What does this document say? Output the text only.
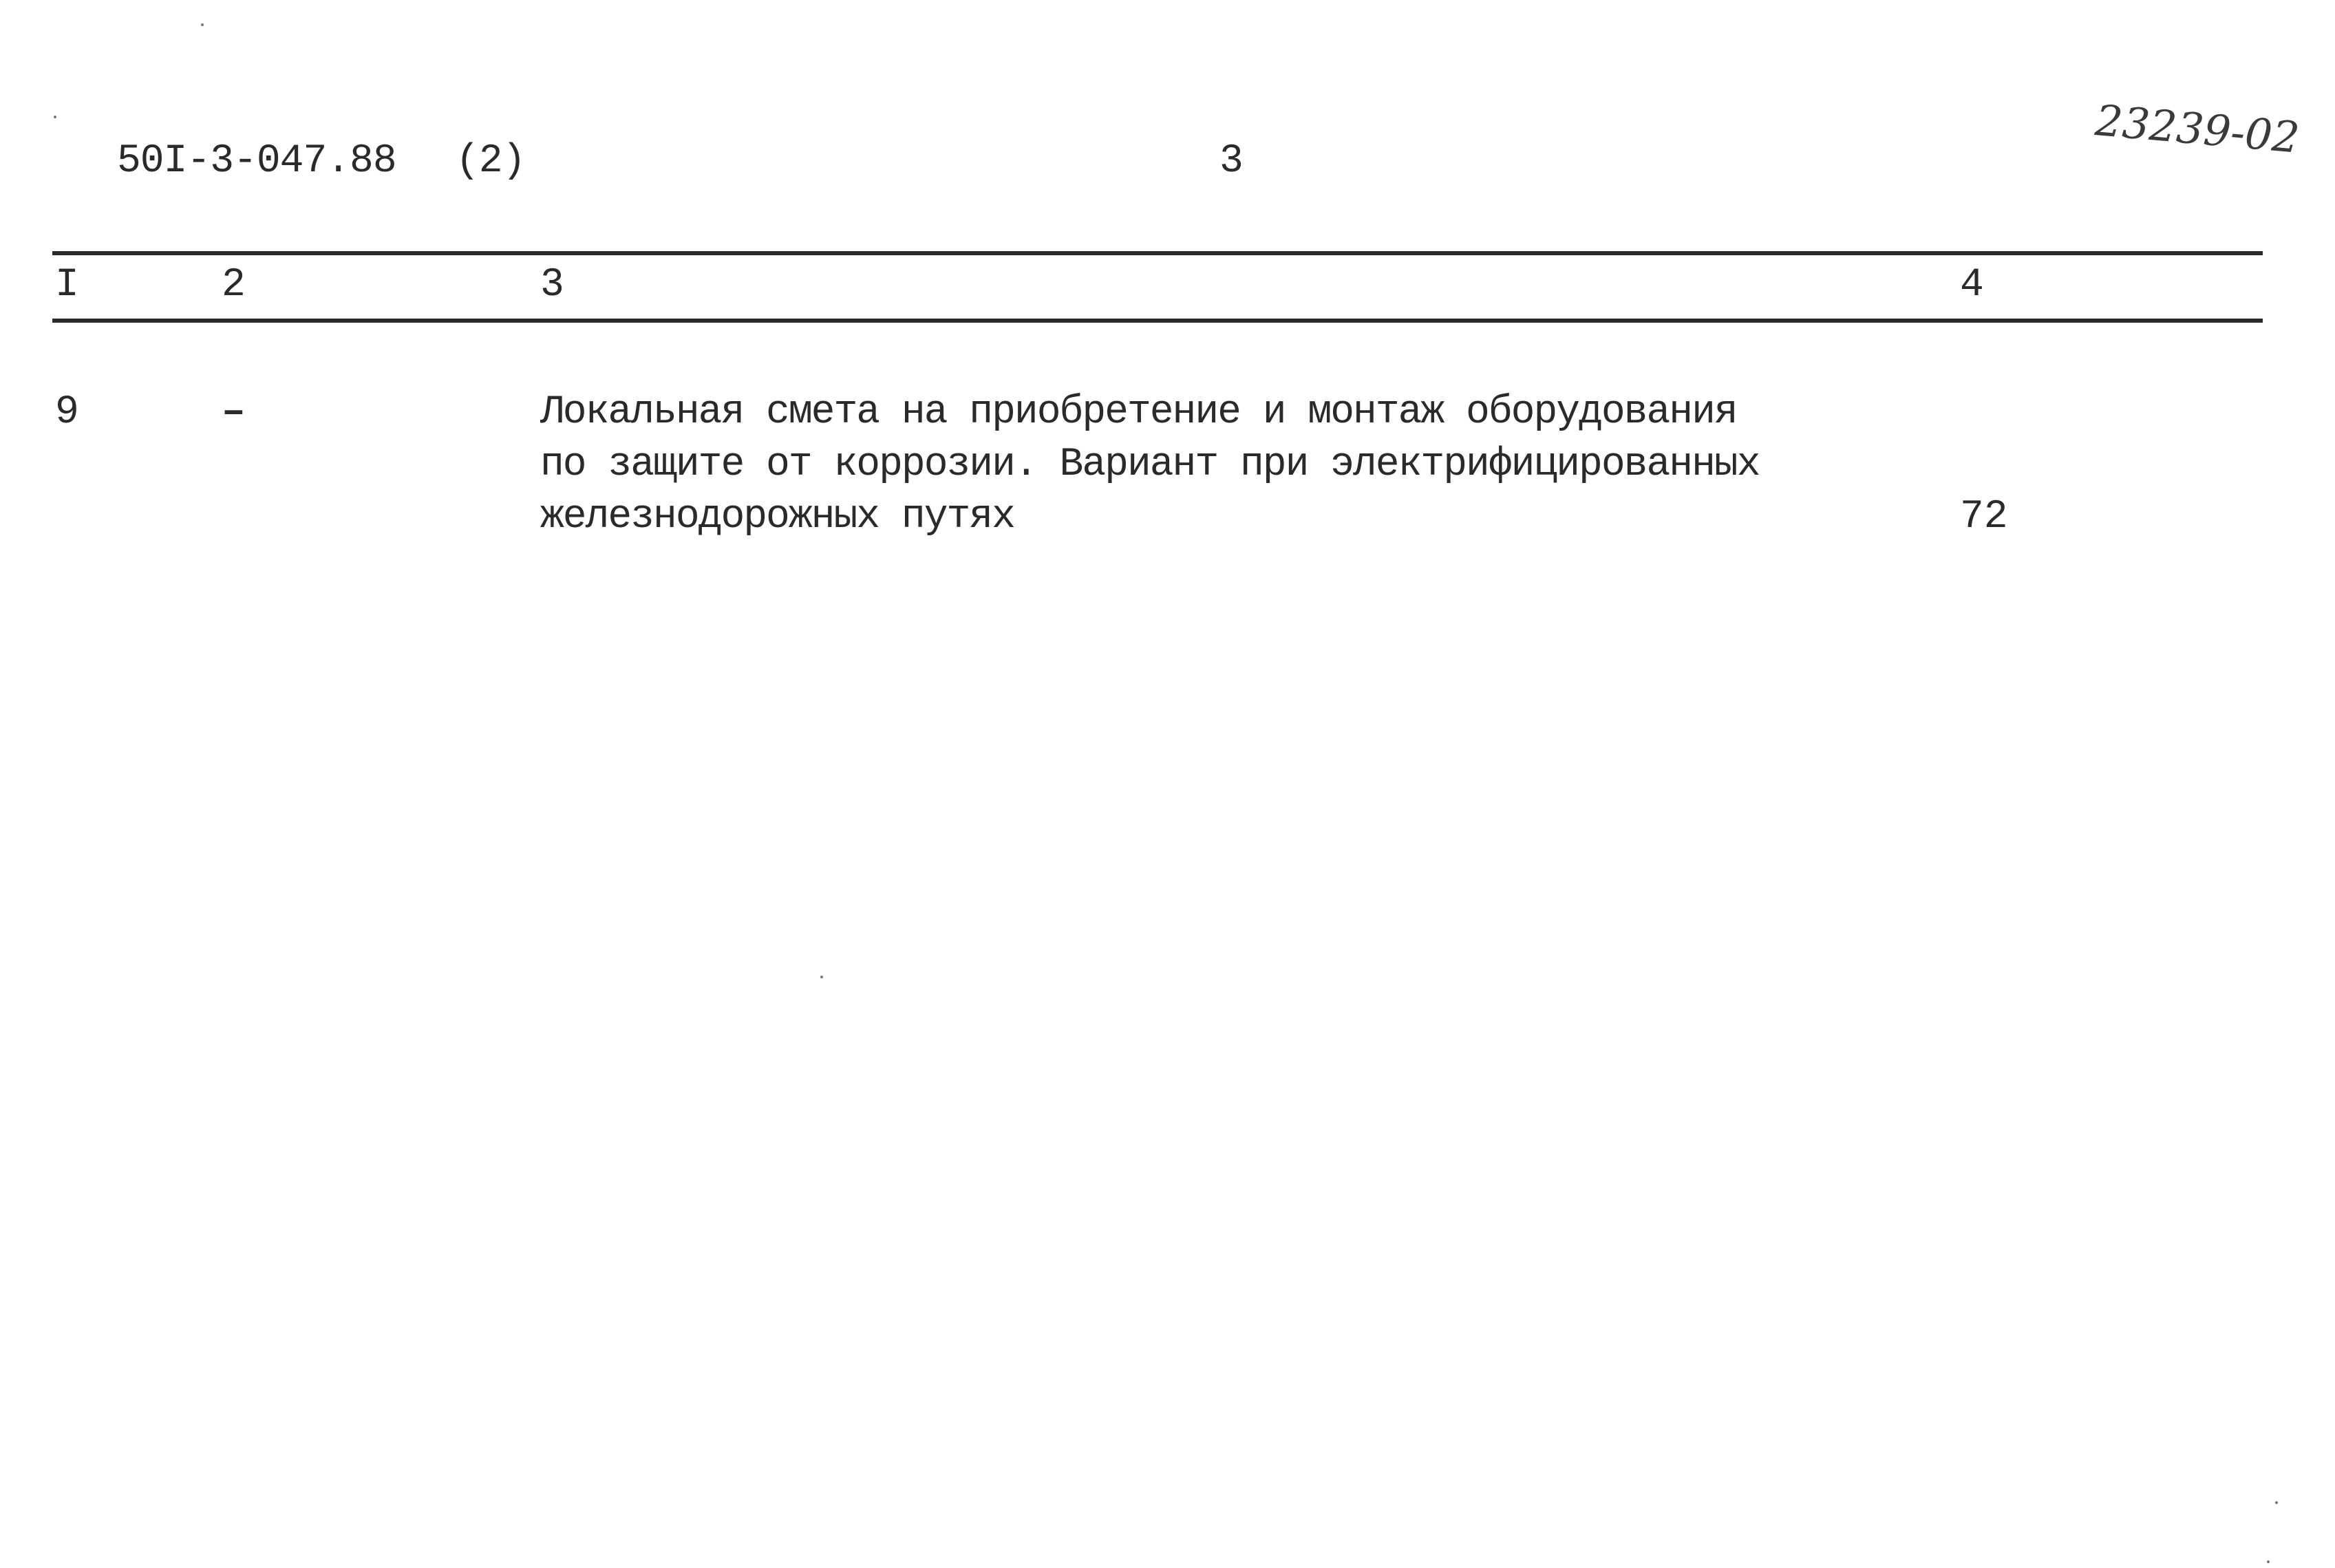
50I-3-047.88 (2)	3	23239-02
I	2	3	4
9	–	Локальная смета на приобретение и монтаж оборудования
по защите от коррозии. Вариант при электрифицированных
железнодорожных путях	72
